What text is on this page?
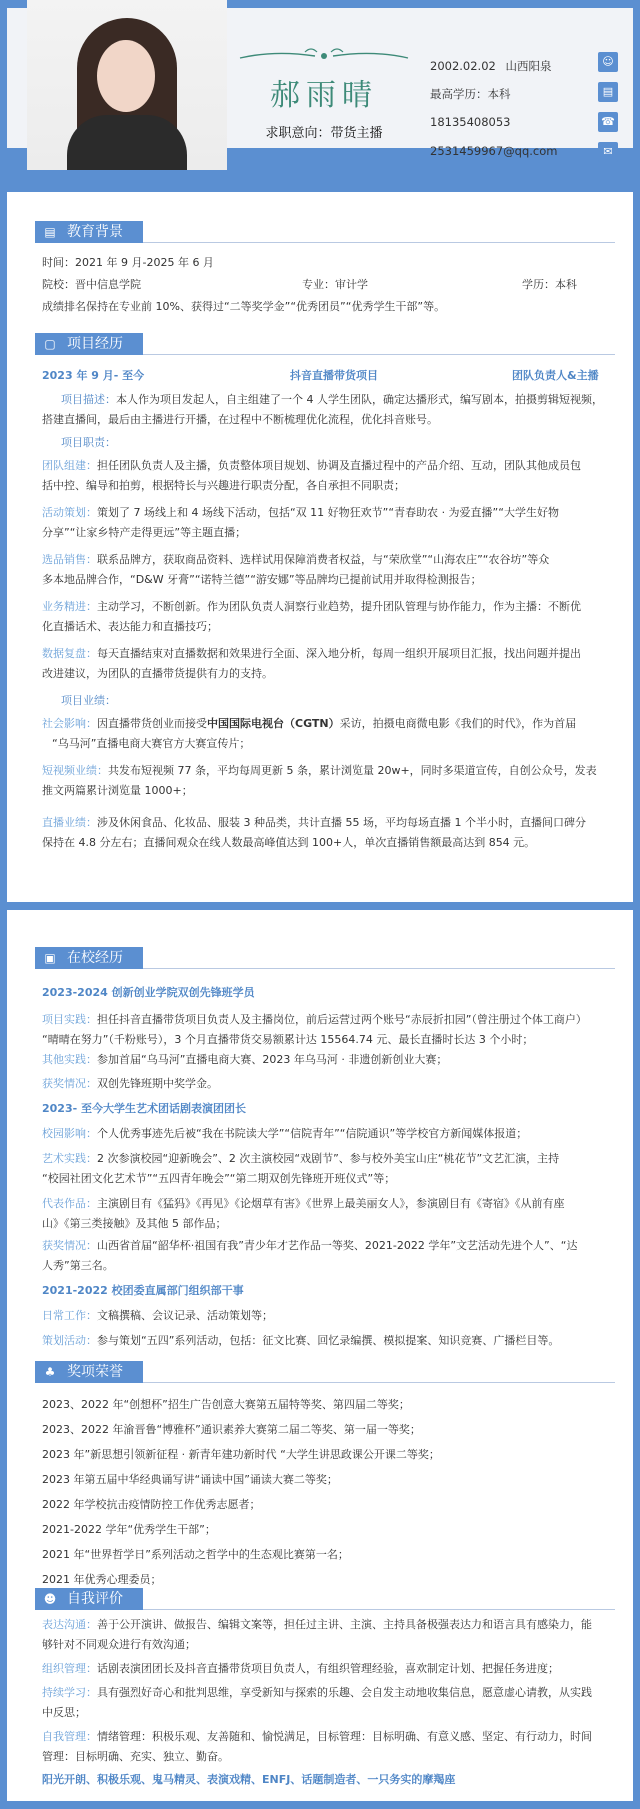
郝雨晴
求职意向：带货主播
2002.02.02 山西阳泉
最高学历：本科
18135408053
2531459967@qq.com
☺
▤
☎
✉
▤ 教育背景
时间：2021 年 9 月-2025 年 6 月
院校：晋中信息学院	专业：审计学	学历：本科
成绩排名保持在专业前 10%、获得过“二等奖学金”“优秀团员”“优秀学生干部”等。
▢ 项目经历
2023 年 9 月- 至今	抖音直播带货项目	团队负责人&主播
项目描述：本人作为项目发起人，自主组建了一个 4 人学生团队，确定达播形式，编写剧本，拍摄剪辑短视频，
搭建直播间，最后由主播进行开播，在过程中不断梳理优化流程，优化抖音账号。
项目职责：
团队组建：担任团队负责人及主播，负责整体项目规划、协调及直播过程中的产品介绍、互动，团队其他成员包
括中控、编导和拍剪，根据特长与兴趣进行职责分配，各自承担不同职责；
活动策划：策划了 7 场线上和 4 场线下活动，包括“双 11 好物狂欢节”“青春助农 · 为爱直播”“大学生好物
分享”“让家乡特产走得更远”等主题直播；
选品销售：联系品牌方，获取商品资料、选样试用保障消费者权益，与“荣欣堂”“山海农庄”“农谷坊”等众
多本地品牌合作，“D&W 牙膏”“诺特兰德”“游安娜”等品牌均已提前试用并取得检测报告；
业务精进：主动学习，不断创新。作为团队负责人洞察行业趋势，提升团队管理与协作能力，作为主播：不断优
化直播话术、表达能力和直播技巧；
数据复盘：每天直播结束对直播数据和效果进行全面、深入地分析，每周一组织开展项目汇报，找出问题并提出
改进建议，为团队的直播带货提供有力的支持。
项目业绩：
社会影响：因直播带货创业而接受中国国际电视台（CGTN）采访，拍摄电商微电影《我们的时代》，作为首届
“乌马河”直播电商大赛官方大赛宣传片；
短视频业绩：共发布短视频 77 条，平均每周更新 5 条，累计浏览量 20w+，同时多渠道宣传，自创公众号，发表
推文两篇累计浏览量 1000+；
直播业绩：涉及休闲食品、化妆品、服装 3 种品类，共计直播 55 场，平均每场直播 1 个半小时，直播间口碑分
保持在 4.8 分左右；直播间观众在线人数最高峰值达到 100+人，单次直播销售额最高达到 854 元。
▣ 在校经历
2023-2024 创新创业学院双创先锋班学员
项目实践：担任抖音直播带货项目负责人及主播岗位，前后运营过两个账号“赤辰折扣园”（曾注册过个体工商户）
“晴晴在努力”（千粉账号），3 个月直播带货交易额累计达 15564.74 元、最长直播时长达 3 个小时；
其他实践：参加首届“乌马河”直播电商大赛、2023 年乌马河 · 非遗创新创业大赛；
获奖情况：双创先锋班期中奖学金。
2023- 至今大学生艺术团话剧表演团团长
校园影响：个人优秀事迹先后被“我在书院读大学”“信院青年”“信院通识”等学校官方新闻媒体报道；
艺术实践：2 次参演校园“迎新晚会”、2 次主演校园“戏剧节”、参与校外美宝山庄“桃花节”文艺汇演，主持
“校园社团文化艺术节”“五四青年晚会”“第二期双创先锋班开班仪式”等；
代表作品：主演剧目有《猛犸》《再见》《论烟草有害》《世界上最美丽女人》，参演剧目有《寄宿》《从前有座
山》《第三类接触》及其他 5 部作品；
获奖情况：山西省首届“韶华杯·祖国有我”青少年才艺作品一等奖、2021-2022 学年”文艺活动先进个人”、“达
人秀”第三名。
2021-2022 校团委直属部门组织部干事
日常工作：文稿撰稿、会议记录、活动策划等；
策划活动：参与策划“五四”系列活动，包括：征文比赛、回忆录编撰、模拟提案、知识竞赛、广播栏目等。
♣ 奖项荣誉
2023、2022 年“创想杯”招生广告创意大赛第五届特等奖、第四届二等奖；
2023、2022 年渝晋鲁“博雅杯”通识素养大赛第二届二等奖、第一届一等奖；
2023 年”新思想引领新征程 · 新青年建功新时代 “大学生讲思政课公开课二等奖；
2023 年第五届中华经典诵写讲“诵读中国”诵读大赛二等奖；
2022 年学校抗击疫情防控工作优秀志愿者；
2021-2022 学年“优秀学生干部”；
2021 年“世界哲学日”系列活动之哲学中的生态观比赛第一名；
2021 年优秀心理委员；
☻ 自我评价
表达沟通：善于公开演讲、做报告、编辑文案等，担任过主讲、主演、主持具备极强表达力和语言具有感染力，能
够针对不同观众进行有效沟通；
组织管理：话剧表演团团长及抖音直播带货项目负责人，有组织管理经验，喜欢制定计划、把握任务进度；
持续学习：具有强烈好奇心和批判思维，享受新知与探索的乐趣、会自发主动地收集信息，愿意虚心请教，从实践
中反思；
自我管理：情绪管理：积极乐观、友善随和、愉悦满足，目标管理：目标明确、有意义感、坚定、有行动力，时间
管理：目标明确、充实、独立、勤奋。
阳光开朗、积极乐观、鬼马精灵、表演戏精、ENFJ、话题制造者、一只务实的摩羯座
